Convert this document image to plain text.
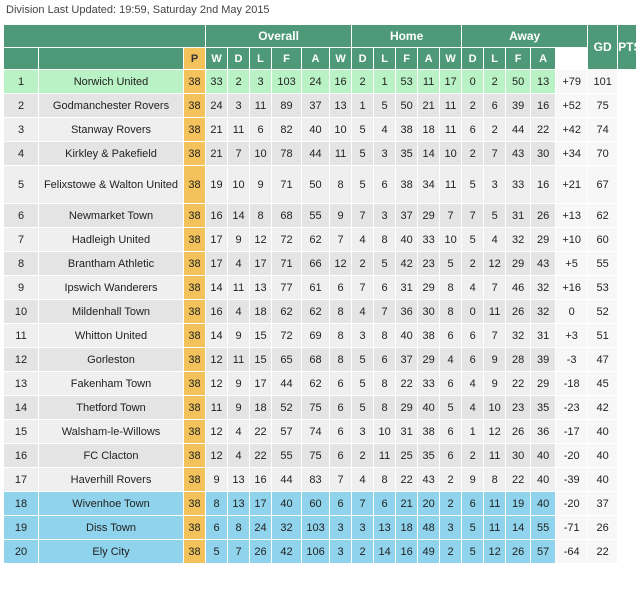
Division Last Updated: 19:59, Saturday 2nd May 2015
			Overall						Home					Away					GD	PTS
		P	W	D	L	F	A	W	D	L	F	A	W	D	L	F	A			
1	Norwich United	38	33	2	3	103	24	16	2	1	53	11	17	0	2	50	13	+79	101	
2	Godmanchester Rovers	38	24	3	11	89	37	13	1	5	50	21	11	2	6	39	16	+52	75	
3	Stanway Rovers	38	21	11	6	82	40	10	5	4	38	18	11	6	2	44	22	+42	74	
4	Kirkley & Pakefield	38	21	7	10	78	44	11	5	3	35	14	10	2	7	43	30	+34	70	
5	Felixstowe & Walton United	38	19	10	9	71	50	8	5	6	38	34	11	5	3	33	16	+21	67	
6	Newmarket Town	38	16	14	8	68	55	9	7	3	37	29	7	7	5	31	26	+13	62	
7	Hadleigh United	38	17	9	12	72	62	7	4	8	40	33	10	5	4	32	29	+10	60	
8	Brantham Athletic	38	17	4	17	71	66	12	2	5	42	23	5	2	12	29	43	+5	55	
9	Ipswich Wanderers	38	14	11	13	77	61	6	7	6	31	29	8	4	7	46	32	+16	53	
10	Mildenhall Town	38	16	4	18	62	62	8	4	7	36	30	8	0	11	26	32	0	52	
11	Whitton United	38	14	9	15	72	69	8	3	8	40	38	6	6	7	32	31	+3	51	
12	Gorleston	38	12	11	15	65	68	8	5	6	37	29	4	6	9	28	39	-3	47	
13	Fakenham Town	38	12	9	17	44	62	6	5	8	22	33	6	4	9	22	29	-18	45	
14	Thetford Town	38	11	9	18	52	75	6	5	8	29	40	5	4	10	23	35	-23	42	
15	Walsham-le-Willows	38	12	4	22	57	74	6	3	10	31	38	6	1	12	26	36	-17	40	
16	FC Clacton	38	12	4	22	55	75	6	2	11	25	35	6	2	11	30	40	-20	40	
17	Haverhill Rovers	38	9	13	16	44	83	7	4	8	22	43	2	9	8	22	40	-39	40	
18	Wivenhoe Town	38	8	13	17	40	60	6	7	6	21	20	2	6	11	19	40	-20	37	
19	Diss Town	38	6	8	24	32	103	3	3	13	18	48	3	5	11	14	55	-71	26	
20	Ely City	38	5	7	26	42	106	3	2	14	16	49	2	5	12	26	57	-64	22	
